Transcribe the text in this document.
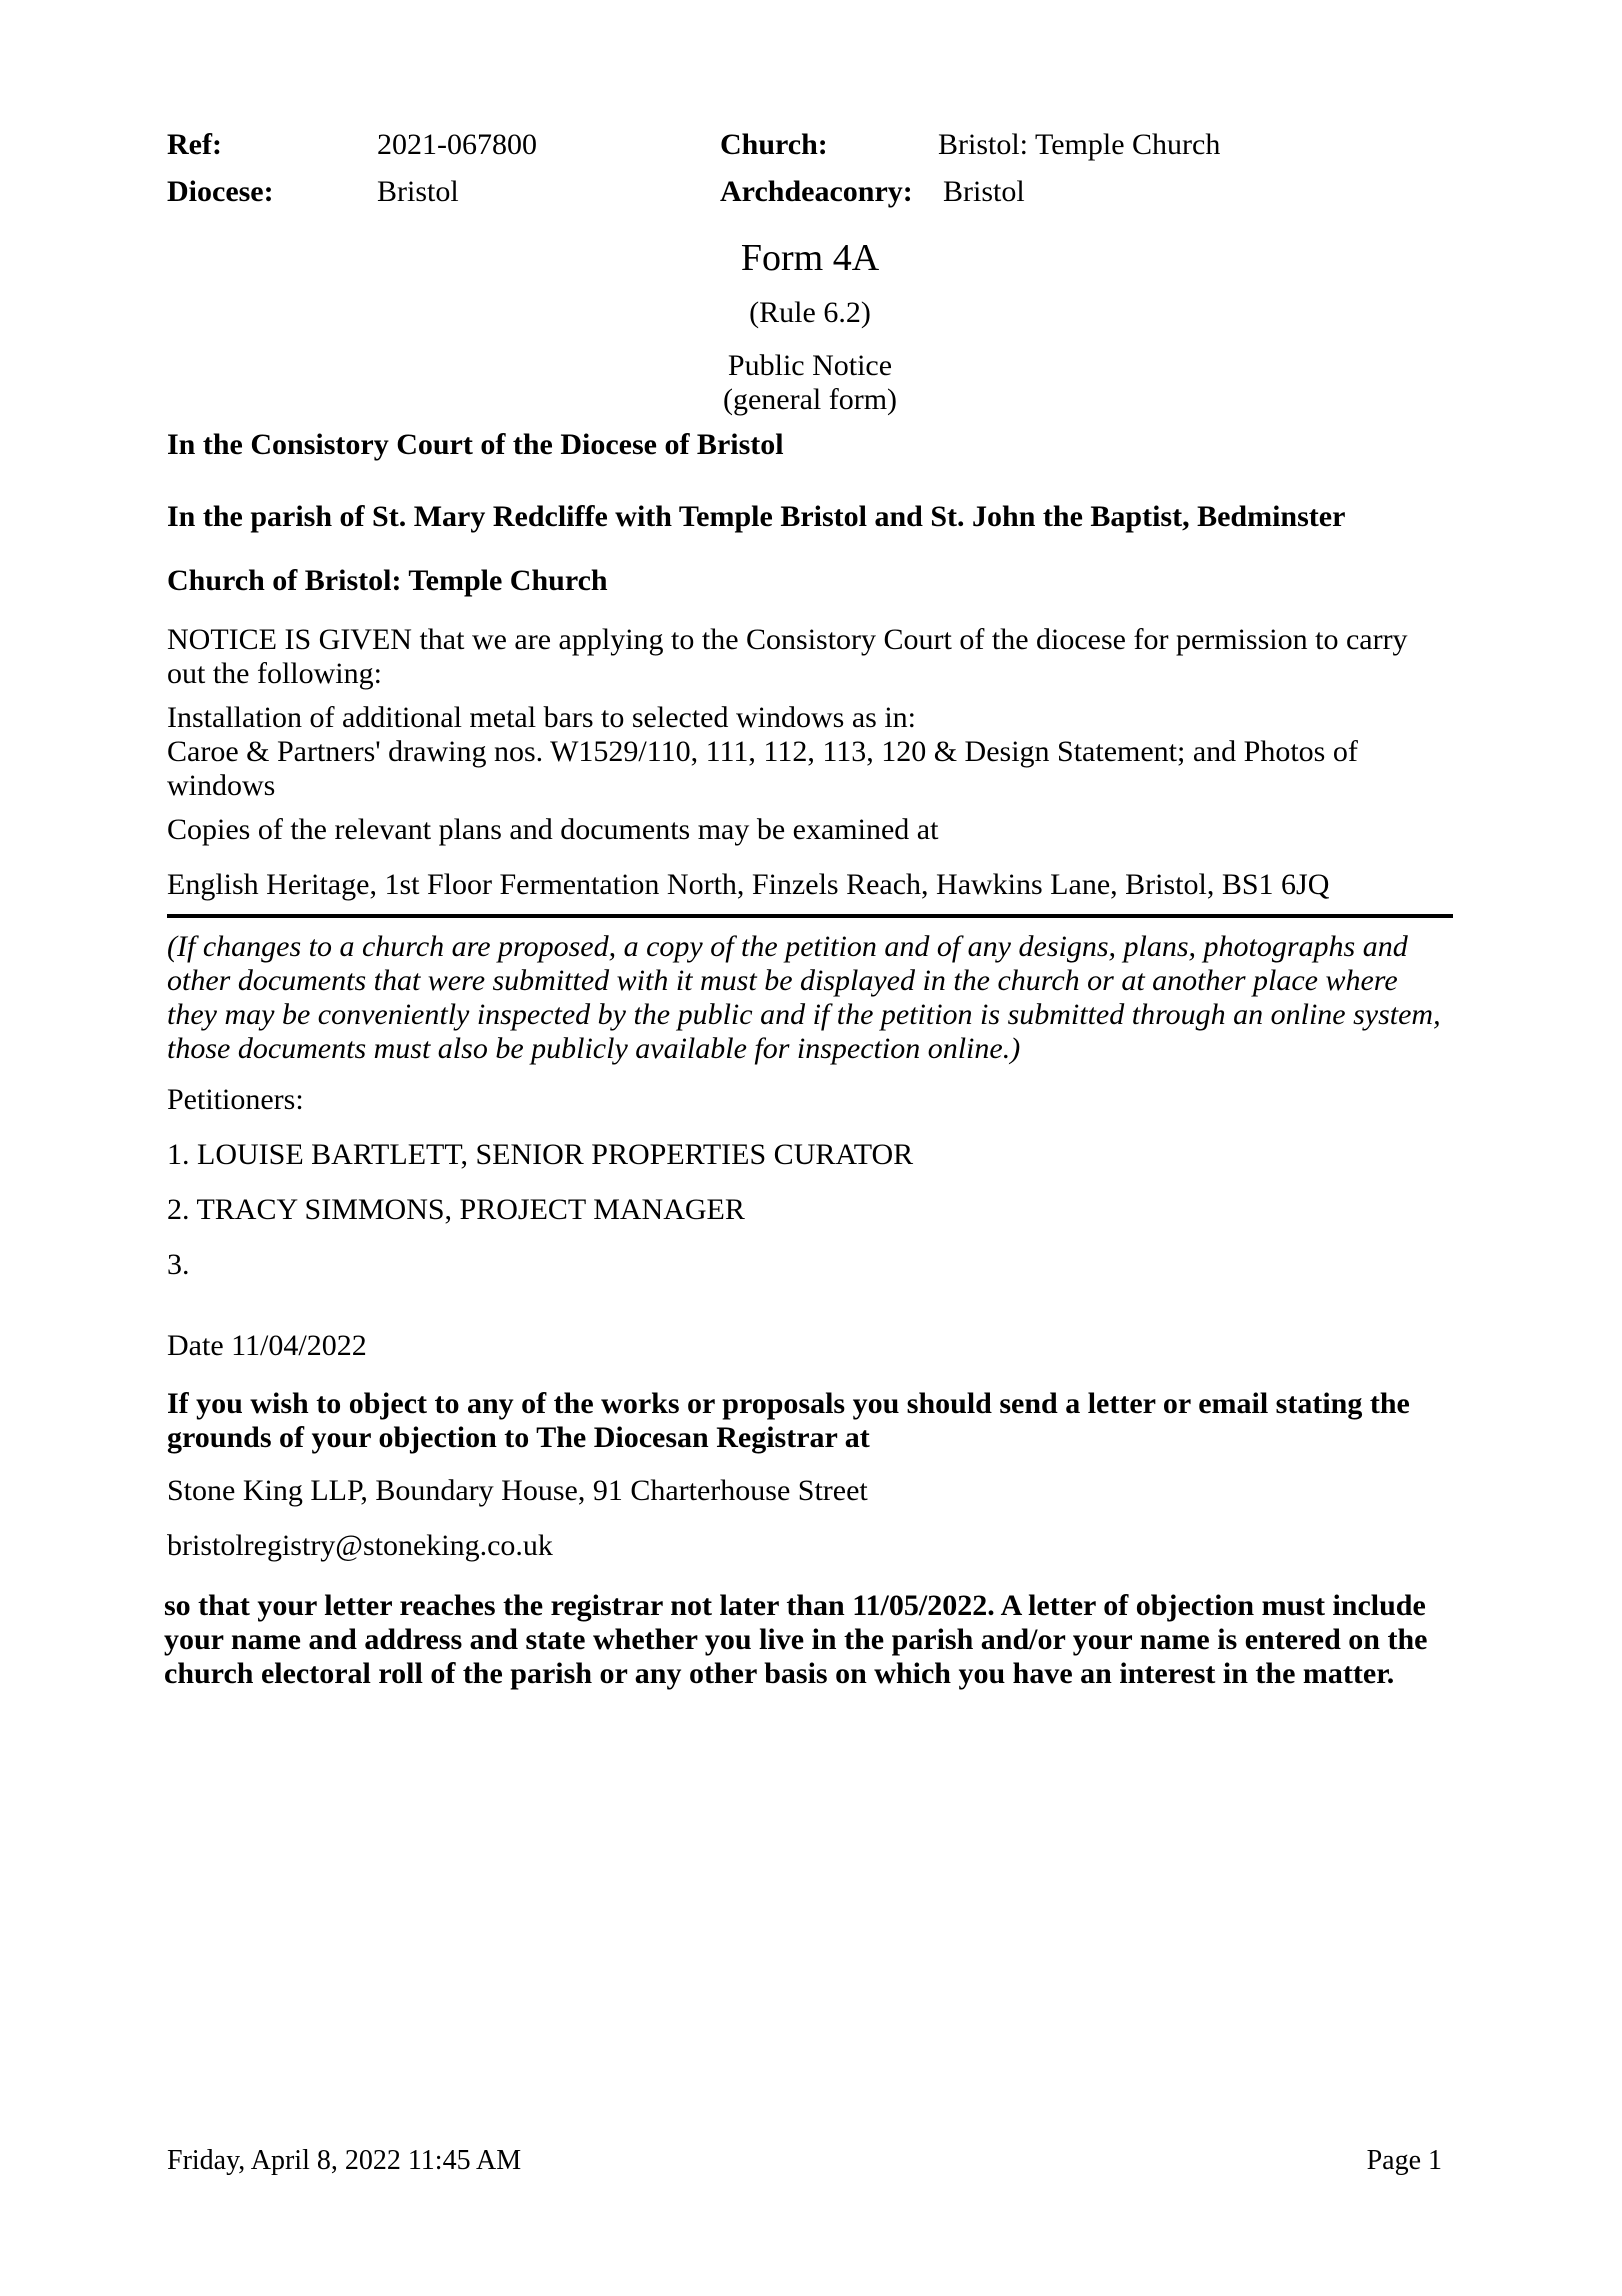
Ref:	2021-067800	Church:	Bristol: Temple Church
Diocese:	Bristol	Archdeaconry: Bristol
Form 4A
(Rule 6.2)
Public Notice
(general form)
In the Consistory Court of the Diocese of Bristol
In the parish of St. Mary Redcliffe with Temple Bristol and St. John the Baptist, Bedminster
Church of Bristol: Temple Church
NOTICE IS GIVEN that we are applying to the Consistory Court of the diocese for permission to carry
out the following:
Installation of additional metal bars to selected windows as in:
Caroe & Partners' drawing nos. W1529/110, 111, 112, 113, 120 & Design Statement; and Photos of
windows
Copies of the relevant plans and documents may be examined at
English Heritage, 1st Floor Fermentation North, Finzels Reach, Hawkins Lane, Bristol, BS1 6JQ
(If changes to a church are proposed, a copy of the petition and of any designs, plans, photographs and
other documents that were submitted with it must be displayed in the church or at another place where
they may be conveniently inspected by the public and if the petition is submitted through an online system,
those documents must also be publicly available for inspection online.)
Petitioners:
1. LOUISE BARTLETT, SENIOR PROPERTIES CURATOR
2. TRACY SIMMONS, PROJECT MANAGER
3.
Date 11/04/2022
If you wish to object to any of the works or proposals you should send a letter or email stating the
grounds of your objection to The Diocesan Registrar at
Stone King LLP, Boundary House, 91 Charterhouse Street
bristolregistry@stoneking.co.uk
so that your letter reaches the registrar not later than 11/05/2022. A letter of objection must include
your name and address and state whether you live in the parish and/or your name is entered on the
church electoral roll of the parish or any other basis on which you have an interest in the matter.
Friday, April 8, 2022 11:45 AM	Page 1
